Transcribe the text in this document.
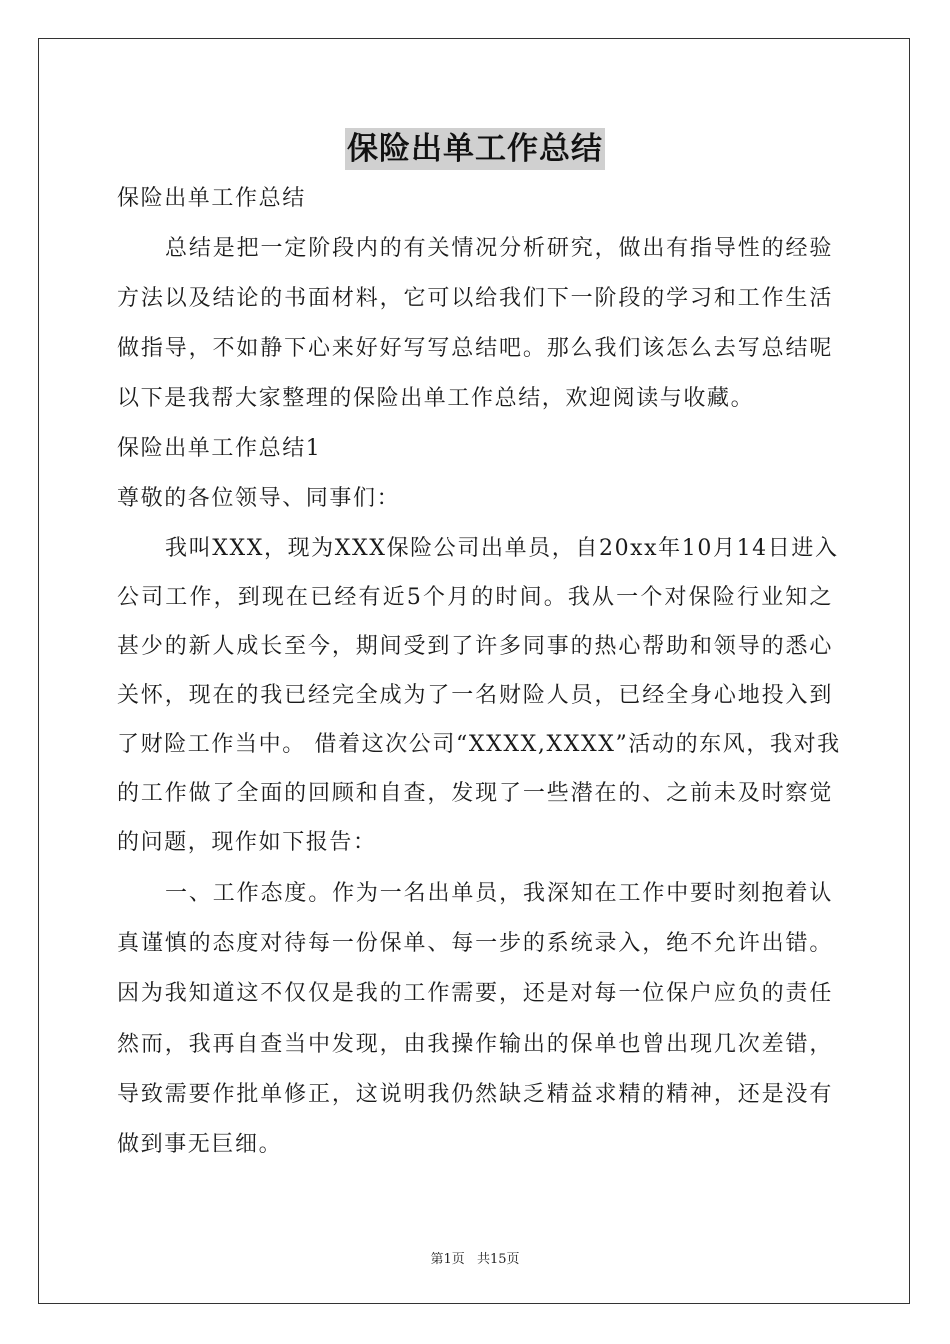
保险出单工作总结
保险出单工作总结
总结是把一定阶段内的有关情况分析研究，做出有指导性的经验
方法以及结论的书面材料，它可以给我们下一阶段的学习和工作生活
做指导，不如静下心来好好写写总结吧。那么我们该怎么去写总结呢
以下是我帮大家整理的保险出单工作总结，欢迎阅读与收藏。
保险出单工作总结1
尊敬的各位领导、同事们：
我叫XXX，现为XXX保险公司出单员，自20xx年10月14日进入
公司工作，到现在已经有近5个月的时间。我从一个对保险行业知之
甚少的新人成长至今，期间受到了许多同事的热心帮助和领导的悉心
关怀，现在的我已经完全成为了一名财险人员，已经全身心地投入到
了财险工作当中。 借着这次公司“XXXX,XXXX”活动的东风，我对我
的工作做了全面的回顾和自查，发现了一些潜在的、之前未及时察觉
的问题，现作如下报告：
一、工作态度。作为一名出单员，我深知在工作中要时刻抱着认
真谨慎的态度对待每一份保单、每一步的系统录入，绝不允许出错。
因为我知道这不仅仅是我的工作需要，还是对每一位保户应负的责任
然而，我再自查当中发现，由我操作输出的保单也曾出现几次差错，
导致需要作批单修正，这说明我仍然缺乏精益求精的精神，还是没有
做到事无巨细。
第1页 共15页
